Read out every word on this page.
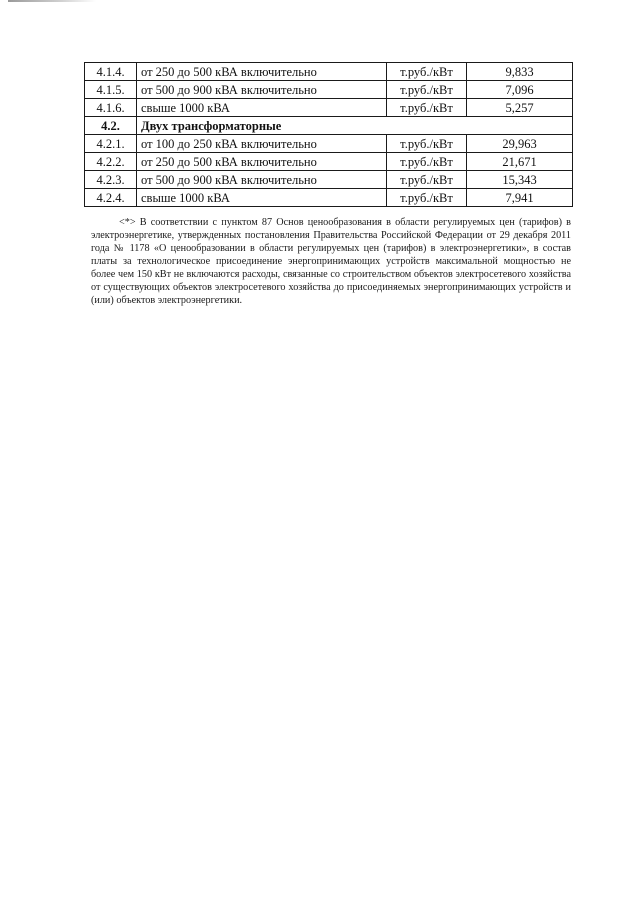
4.1.4.	от 250 до 500 кВА включительно	т.руб./кВт	9,833
4.1.5.	от 500 до 900 кВА включительно	т.руб./кВт	7,096
4.1.6.	свыше 1000 кВА	т.руб./кВт	5,257
4.2.	Двух трансформаторные		
4.2.1.	от 100 до 250 кВА включительно	т.руб./кВт	29,963
4.2.2.	от 250 до 500 кВА включительно	т.руб./кВт	21,671
4.2.3.	от 500 до 900 кВА включительно	т.руб./кВт	15,343
4.2.4.	свыше 1000 кВА	т.руб./кВт	7,941

<*> В соответствии с пунктом 87 Основ ценообразования в области регулируемых цен (тарифов) в электроэнергетике, утвержденных постановления Правительства Российской Федерации от 29 декабря 2011 года № 1178 «О ценообразовании в области регулируемых цен (тарифов) в электроэнергетики», в состав платы за технологическое присоединение энергопринимающих устройств максимальной мощностью не более чем 150 кВт не включаются расходы, связанные со строительством объектов электросетевого хозяйства от существующих объектов электросетевого хозяйства до присоединяемых энергопринимающих устройств и (или) объектов электроэнергетики.
